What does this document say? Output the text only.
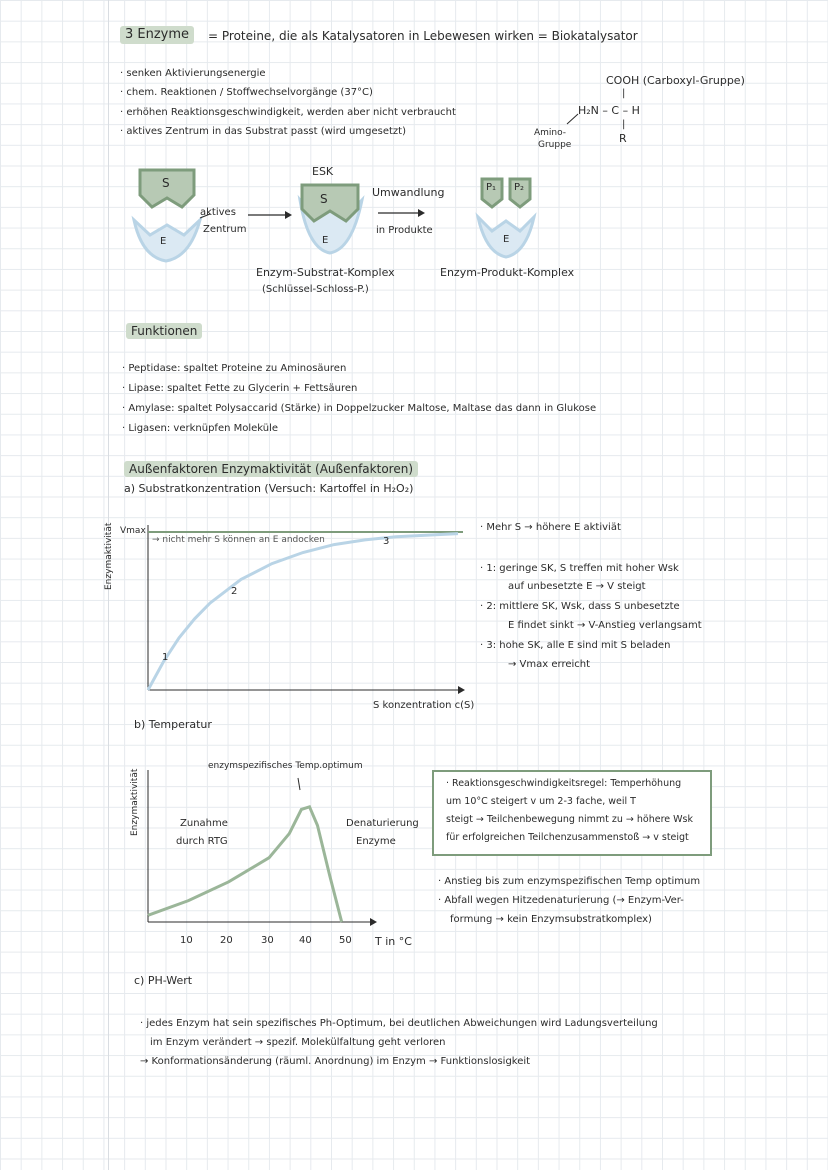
3 Enzyme	= Proteine, die als Katalysatoren in Lebewesen wirken = Biokatalysator
· senken Aktivierungsenergie
· chem. Reaktionen / Stoffwechselvorgänge (37°C)
· erhöhen Reaktionsgeschwindigkeit, werden aber nicht verbraucht
· aktives Zentrum in das Substrat passt (wird umgesetzt)
COOH (Carboxyl-Gruppe)
|
H₂N – C – H
|
R
Amino-
Gruppe
S
E
aktives
Zentrum
ESK
S
E
Umwandlung
in Produkte
P₁ P₂
E
Enzym-Substrat-Komplex
(Schlüssel-Schloss-P.)
Enzym-Produkt-Komplex
Funktionen
· Peptidase: spaltet Proteine zu Aminosäuren
· Lipase: spaltet Fette zu Glycerin + Fettsäuren
· Amylase: spaltet Polysaccarid (Stärke) in Doppelzucker Maltose, Maltase das dann in Glukose
· Ligasen: verknüpfen Moleküle
Außenfaktoren Enzymaktivität (Außenfaktoren)
a) Substratkonzentration (Versuch: Kartoffel in H₂O₂)
Vmax
→ nicht mehr S können an E andocken
1
2
3
S konzentration c(S)
Enzymaktivität	· Mehr S → höhere E aktiviät
· 1: geringe SK, S treffen mit hoher Wsk
auf unbesetzte E → V steigt
· 2: mittlere SK, Wsk, dass S unbesetzte
E findet sinkt → V-Anstieg verlangsamt
· 3: hohe SK, alle E sind mit S beladen
→ Vmax erreicht
b) Temperatur
enzymspezifisches Temp.optimum
Zunahme
durch RTG
Denaturierung
Enzyme
10	20	30	40	50 T in °C
Enzymaktivität	· Reaktionsgeschwindigkeitsregel: Temperhöhung
um 10°C steigert v um 2-3 fache, weil T
steigt → Teilchenbewegung nimmt zu → höhere Wsk
für erfolgreichen Teilchenzusammenstoß → v steigt
· Anstieg bis zum enzymspezifischen Temp optimum
· Abfall wegen Hitzedenaturierung (→ Enzym-Ver-
formung → kein Enzymsubstratkomplex)
c) PH-Wert
· jedes Enzym hat sein spezifisches Ph-Optimum, bei deutlichen Abweichungen wird Ladungsverteilung
im Enzym verändert → spezif. Molekülfaltung geht verloren
→ Konformationsänderung (räuml. Anordnung) im Enzym → Funktionslosigkeit
